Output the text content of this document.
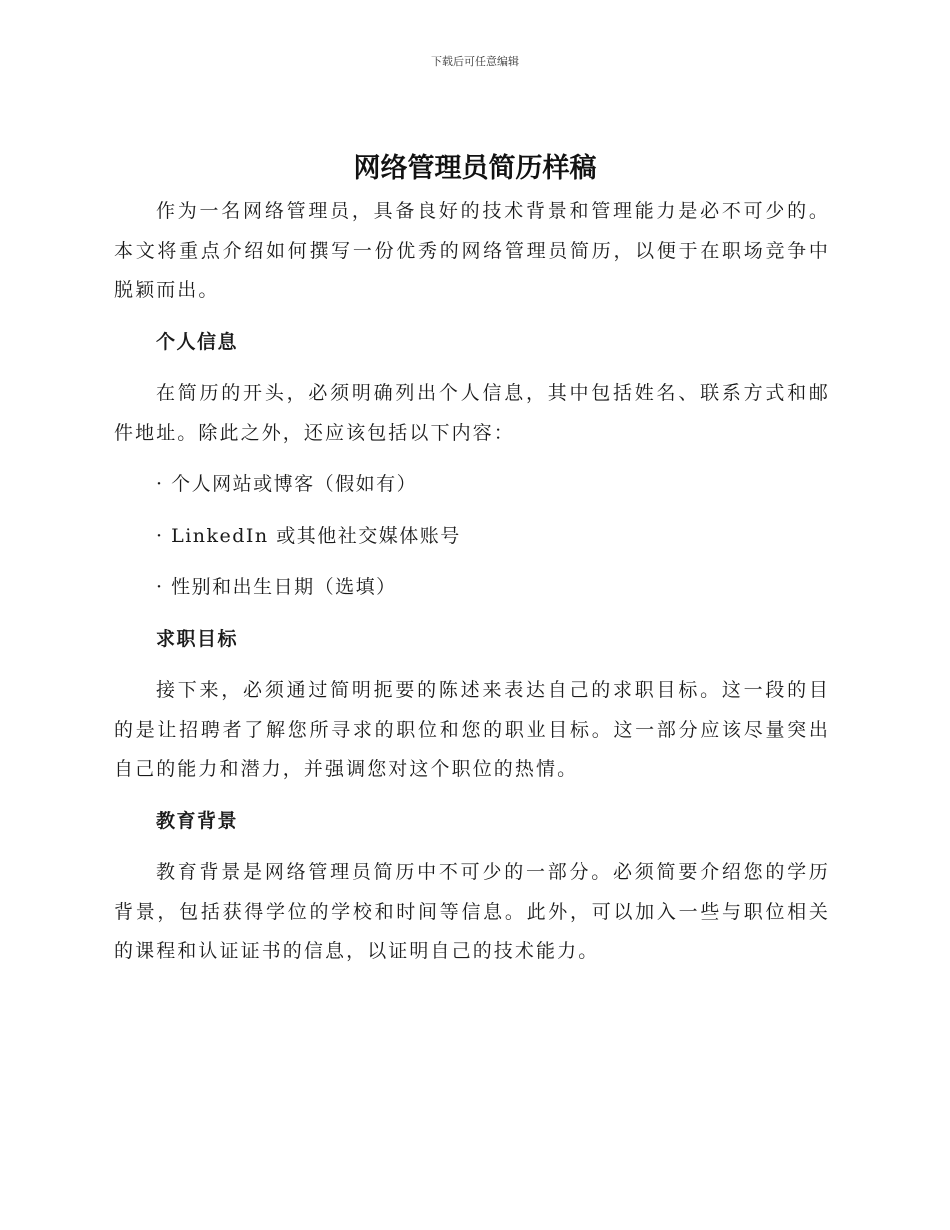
下载后可任意编辑
网络管理员简历样稿

作为一名网络管理员，具备良好的技术背景和管理能力是必不可少的。本文将重点介绍如何撰写一份优秀的网络管理员简历，以便于在职场竞争中脱颖而出。

个人信息

在简历的开头，必须明确列出个人信息，其中包括姓名、联系方式和邮件地址。除此之外，还应该包括以下内容：

· 个人网站或博客（假如有）

· LinkedIn 或其他社交媒体账号

· 性别和出生日期（选填）

求职目标

接下来，必须通过简明扼要的陈述来表达自己的求职目标。这一段的目的是让招聘者了解您所寻求的职位和您的职业目标。这一部分应该尽量突出自己的能力和潜力，并强调您对这个职位的热情。

教育背景

教育背景是网络管理员简历中不可少的一部分。必须简要介绍您的学历背景，包括获得学位的学校和时间等信息。此外，可以加入一些与职位相关的课程和认证证书的信息，以证明自己的技术能力。
